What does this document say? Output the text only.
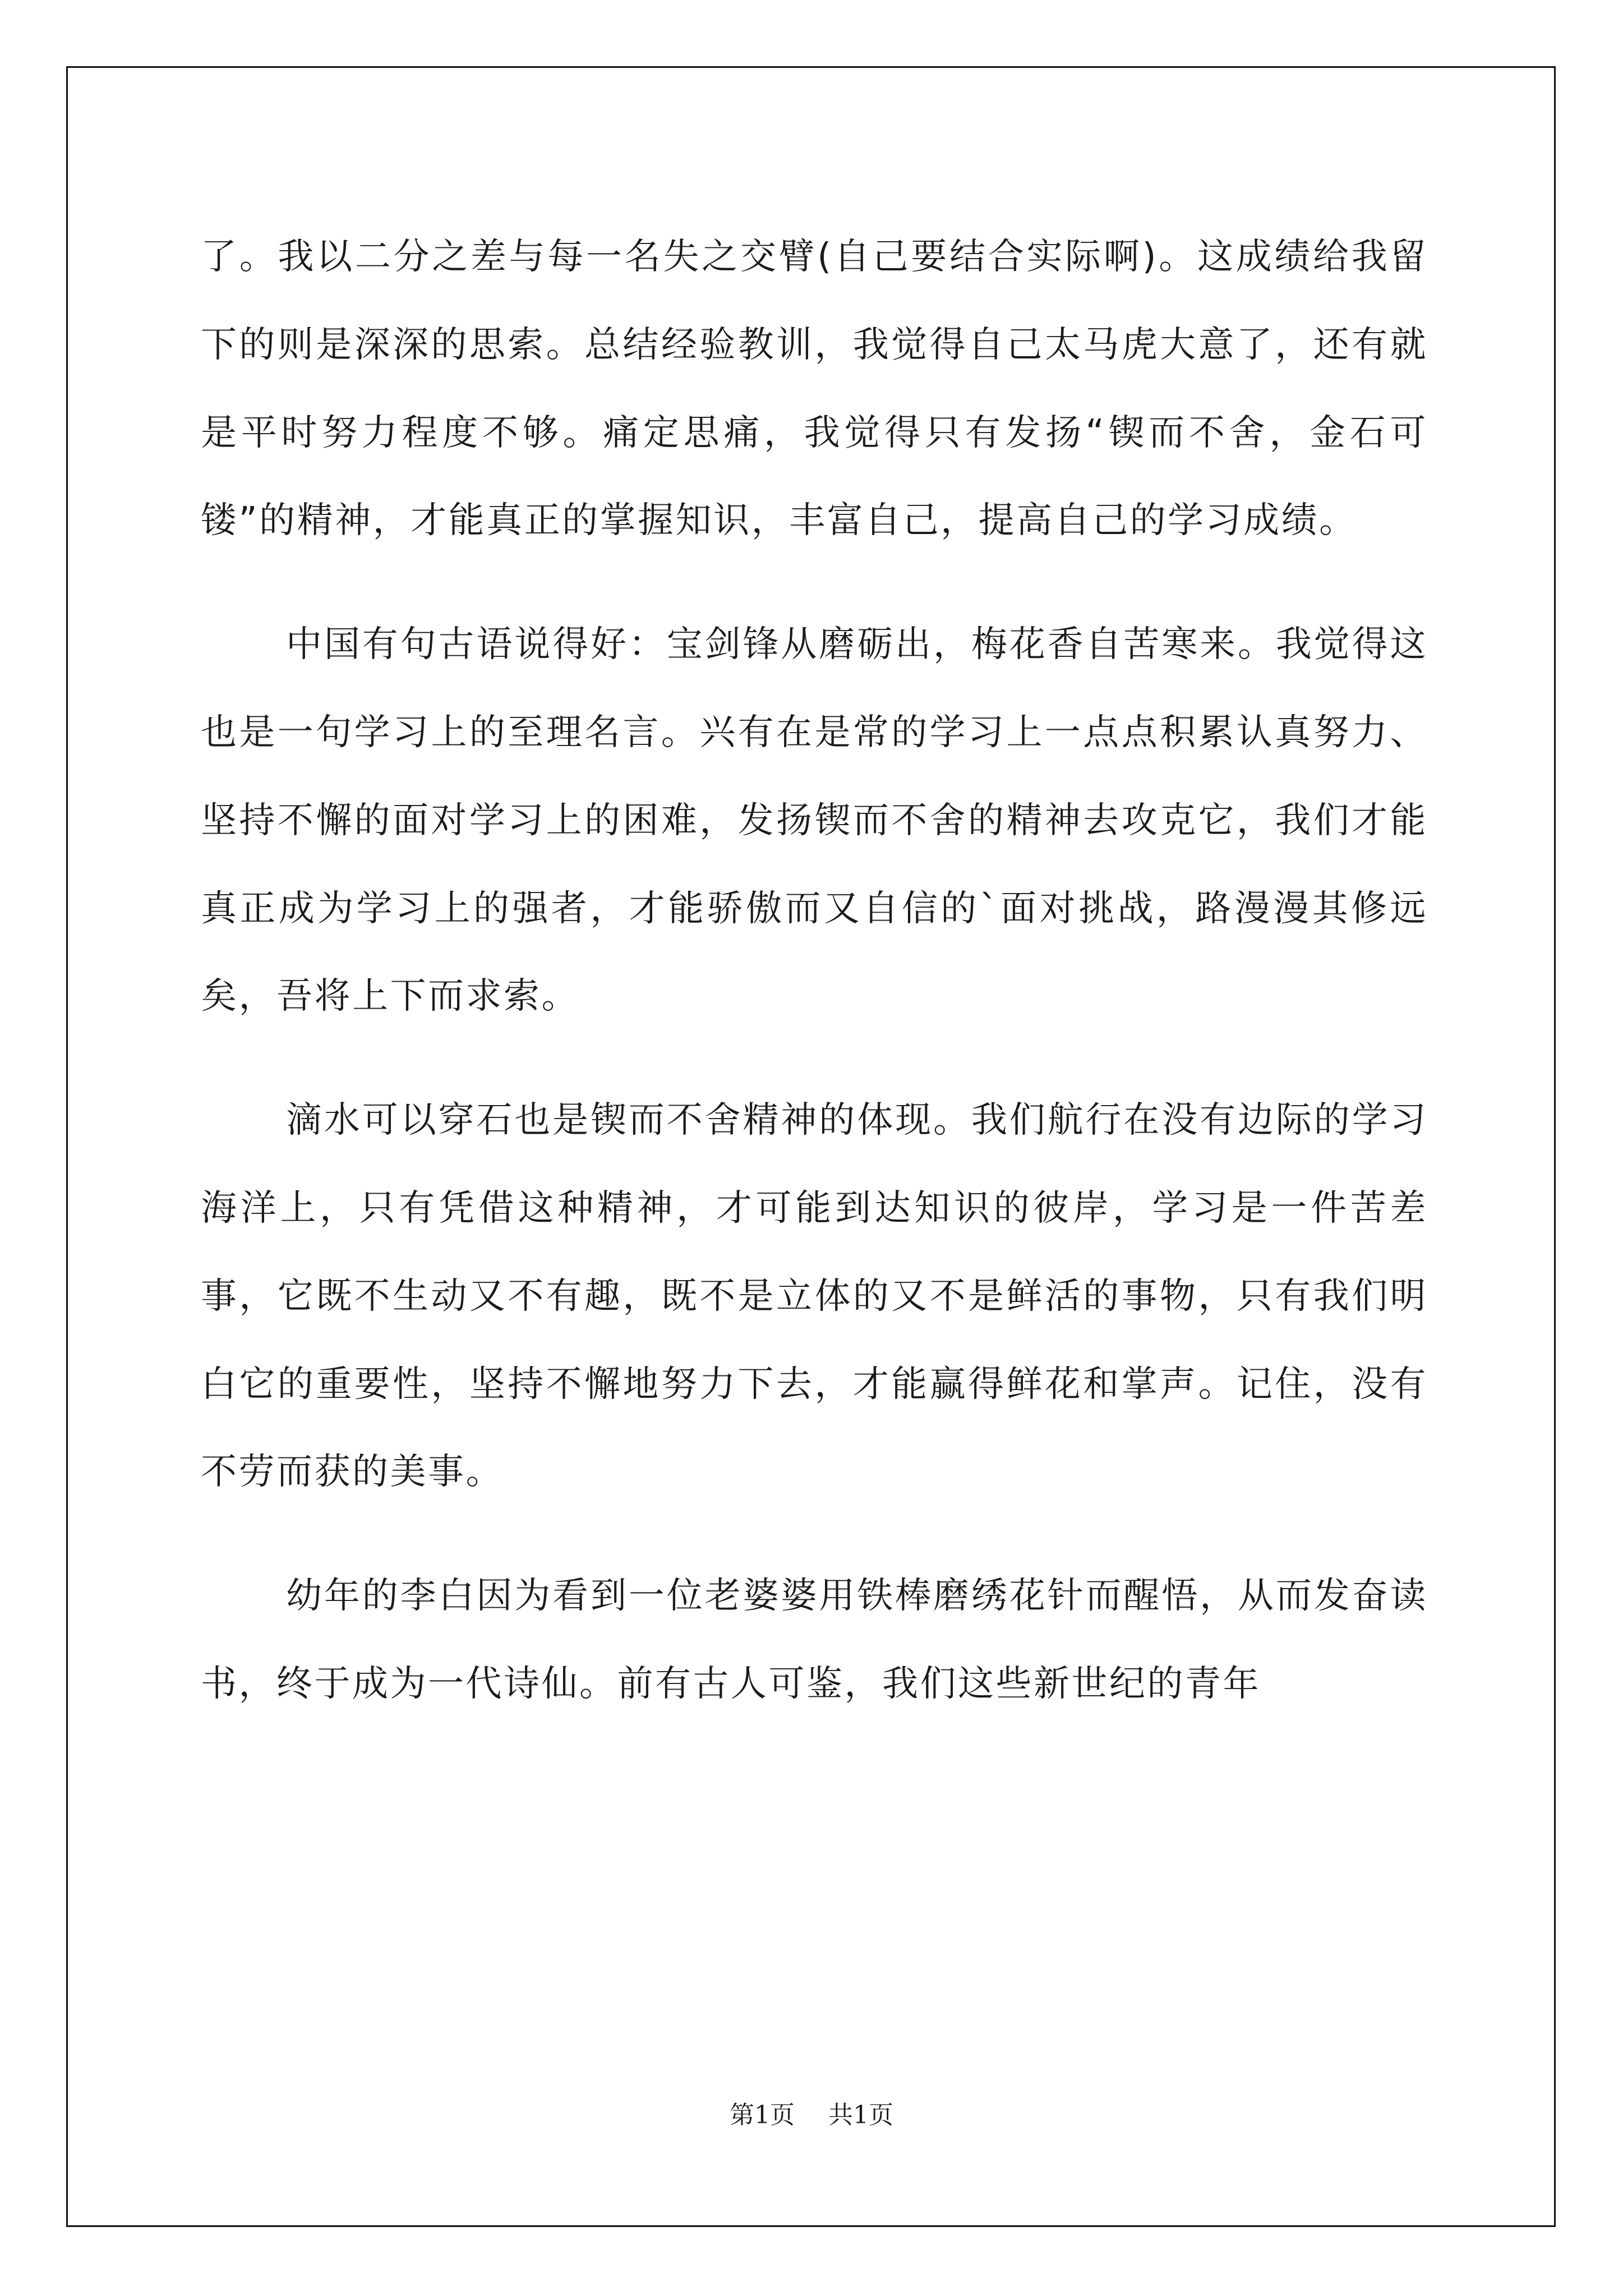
了。我以二分之差与每一名失之交臂(自己要结合实际啊)。这成绩给我留下的则是深深的思索。总结经验教训，我觉得自己太马虎大意了，还有就是平时努力程度不够。痛定思痛，我觉得只有发扬“锲而不舍，金石可镂”的精神，才能真正的掌握知识，丰富自己，提高自己的学习成绩。

中国有句古语说得好：宝剑锋从磨砺出，梅花香自苦寒来。我觉得这也是一句学习上的至理名言。兴有在是常的学习上一点点积累认真努力、坚持不懈的面对学习上的困难，发扬锲而不舍的精神去攻克它，我们才能真正成为学习上的强者，才能骄傲而又自信的`面对挑战，路漫漫其修远矣，吾将上下而求索。

滴水可以穿石也是锲而不舍精神的体现。我们航行在没有边际的学习海洋上，只有凭借这种精神，才可能到达知识的彼岸，学习是一件苦差事，它既不生动又不有趣，既不是立体的又不是鲜活的事物，只有我们明白它的重要性，坚持不懈地努力下去，才能赢得鲜花和掌声。记住，没有不劳而获的美事。

幼年的李白因为看到一位老婆婆用铁棒磨绣花针而醒悟，从而发奋读书，终于成为一代诗仙。前有古人可鉴，我们这些新世纪的青年

第1页 共1页
